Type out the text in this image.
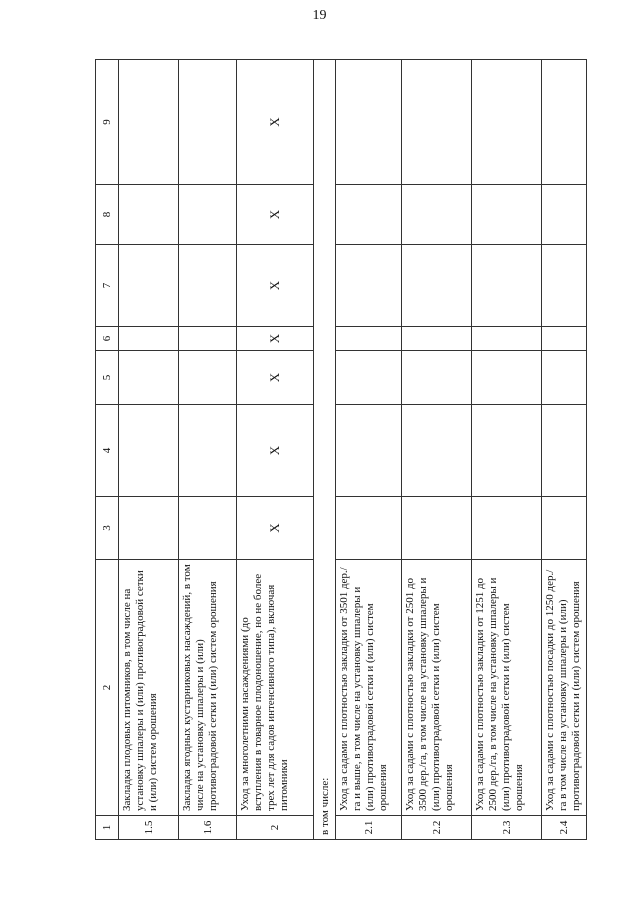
19
1	2	3	4	5	6	7	8	9
1.5	Закладка плодовых питомников, в том числе на установку шпалеры и (или) противоградовой сетки и (или) систем орошения							
1.6	Закладка ягодных кустарниковых насаждений, в том числе на установку шпалеры и (или) противоградовой сетки и (или) систем орошения							
2	Уход за многолетними насаждениями (до вступления в товарное плодоношение, но не более трех лет для садов интенсивного типа), включая питомники	X	X	X	X	X	X	X
в том числе:								
2.1	Уход за садами с плотностью закладки от 3501 дер./га и выше, в том числе на установку шпалеры и (или) противоградовой сетки и (или) систем орошения							
2.2	Уход за садами с плотностью закладки от 2501 до 3500 дер./га, в том числе на установку шпалеры и (или) противоградовой сетки и (или) систем орошения							
2.3	Уход за садами с плотностью закладки от 1251 до 2500 дер./га, в том числе на установку шпалеры и (или) противоградовой сетки и (или) систем орошения							
2.4	Уход за садами с плотностью посадки до 1250 дер./га в том числе на установку шпалеры и (или) противоградовой сетки и (или) систем орошения							
